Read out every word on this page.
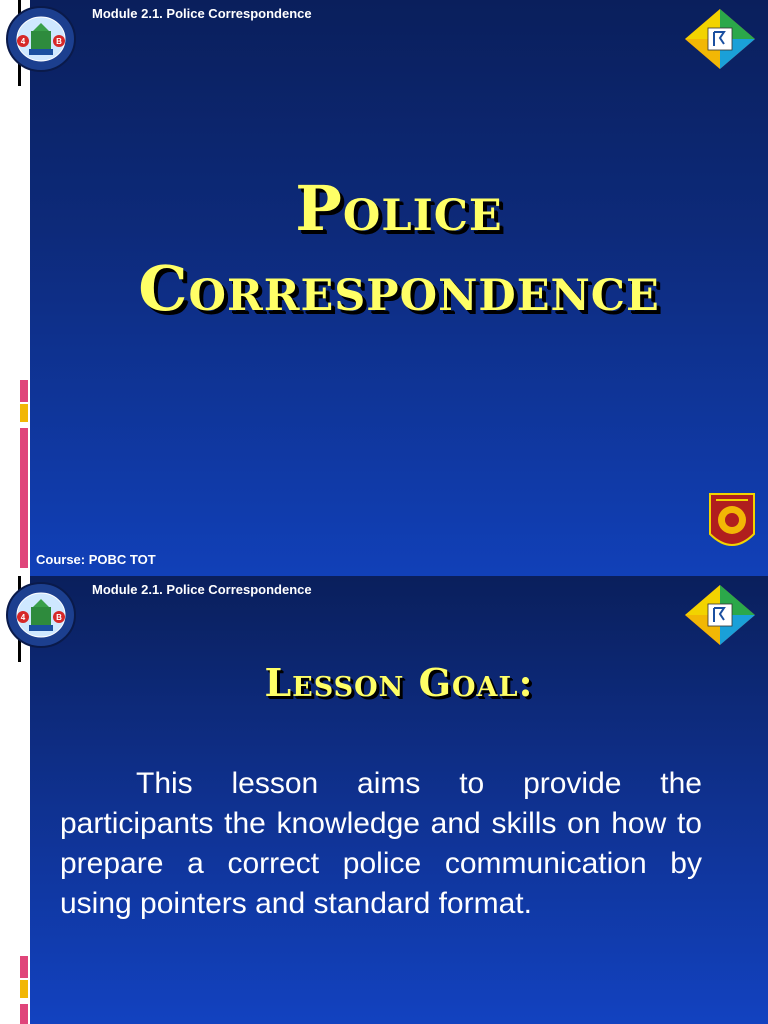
4	B
Module 2.1. Police Correspondence
Police
Correspondence
Course: POBC TOT
4	B
Module 2.1. Police Correspondence
Lesson Goal:
This lesson aims to provide the participants the knowledge and skills on how to prepare a correct police communication by using pointers and standard format.
